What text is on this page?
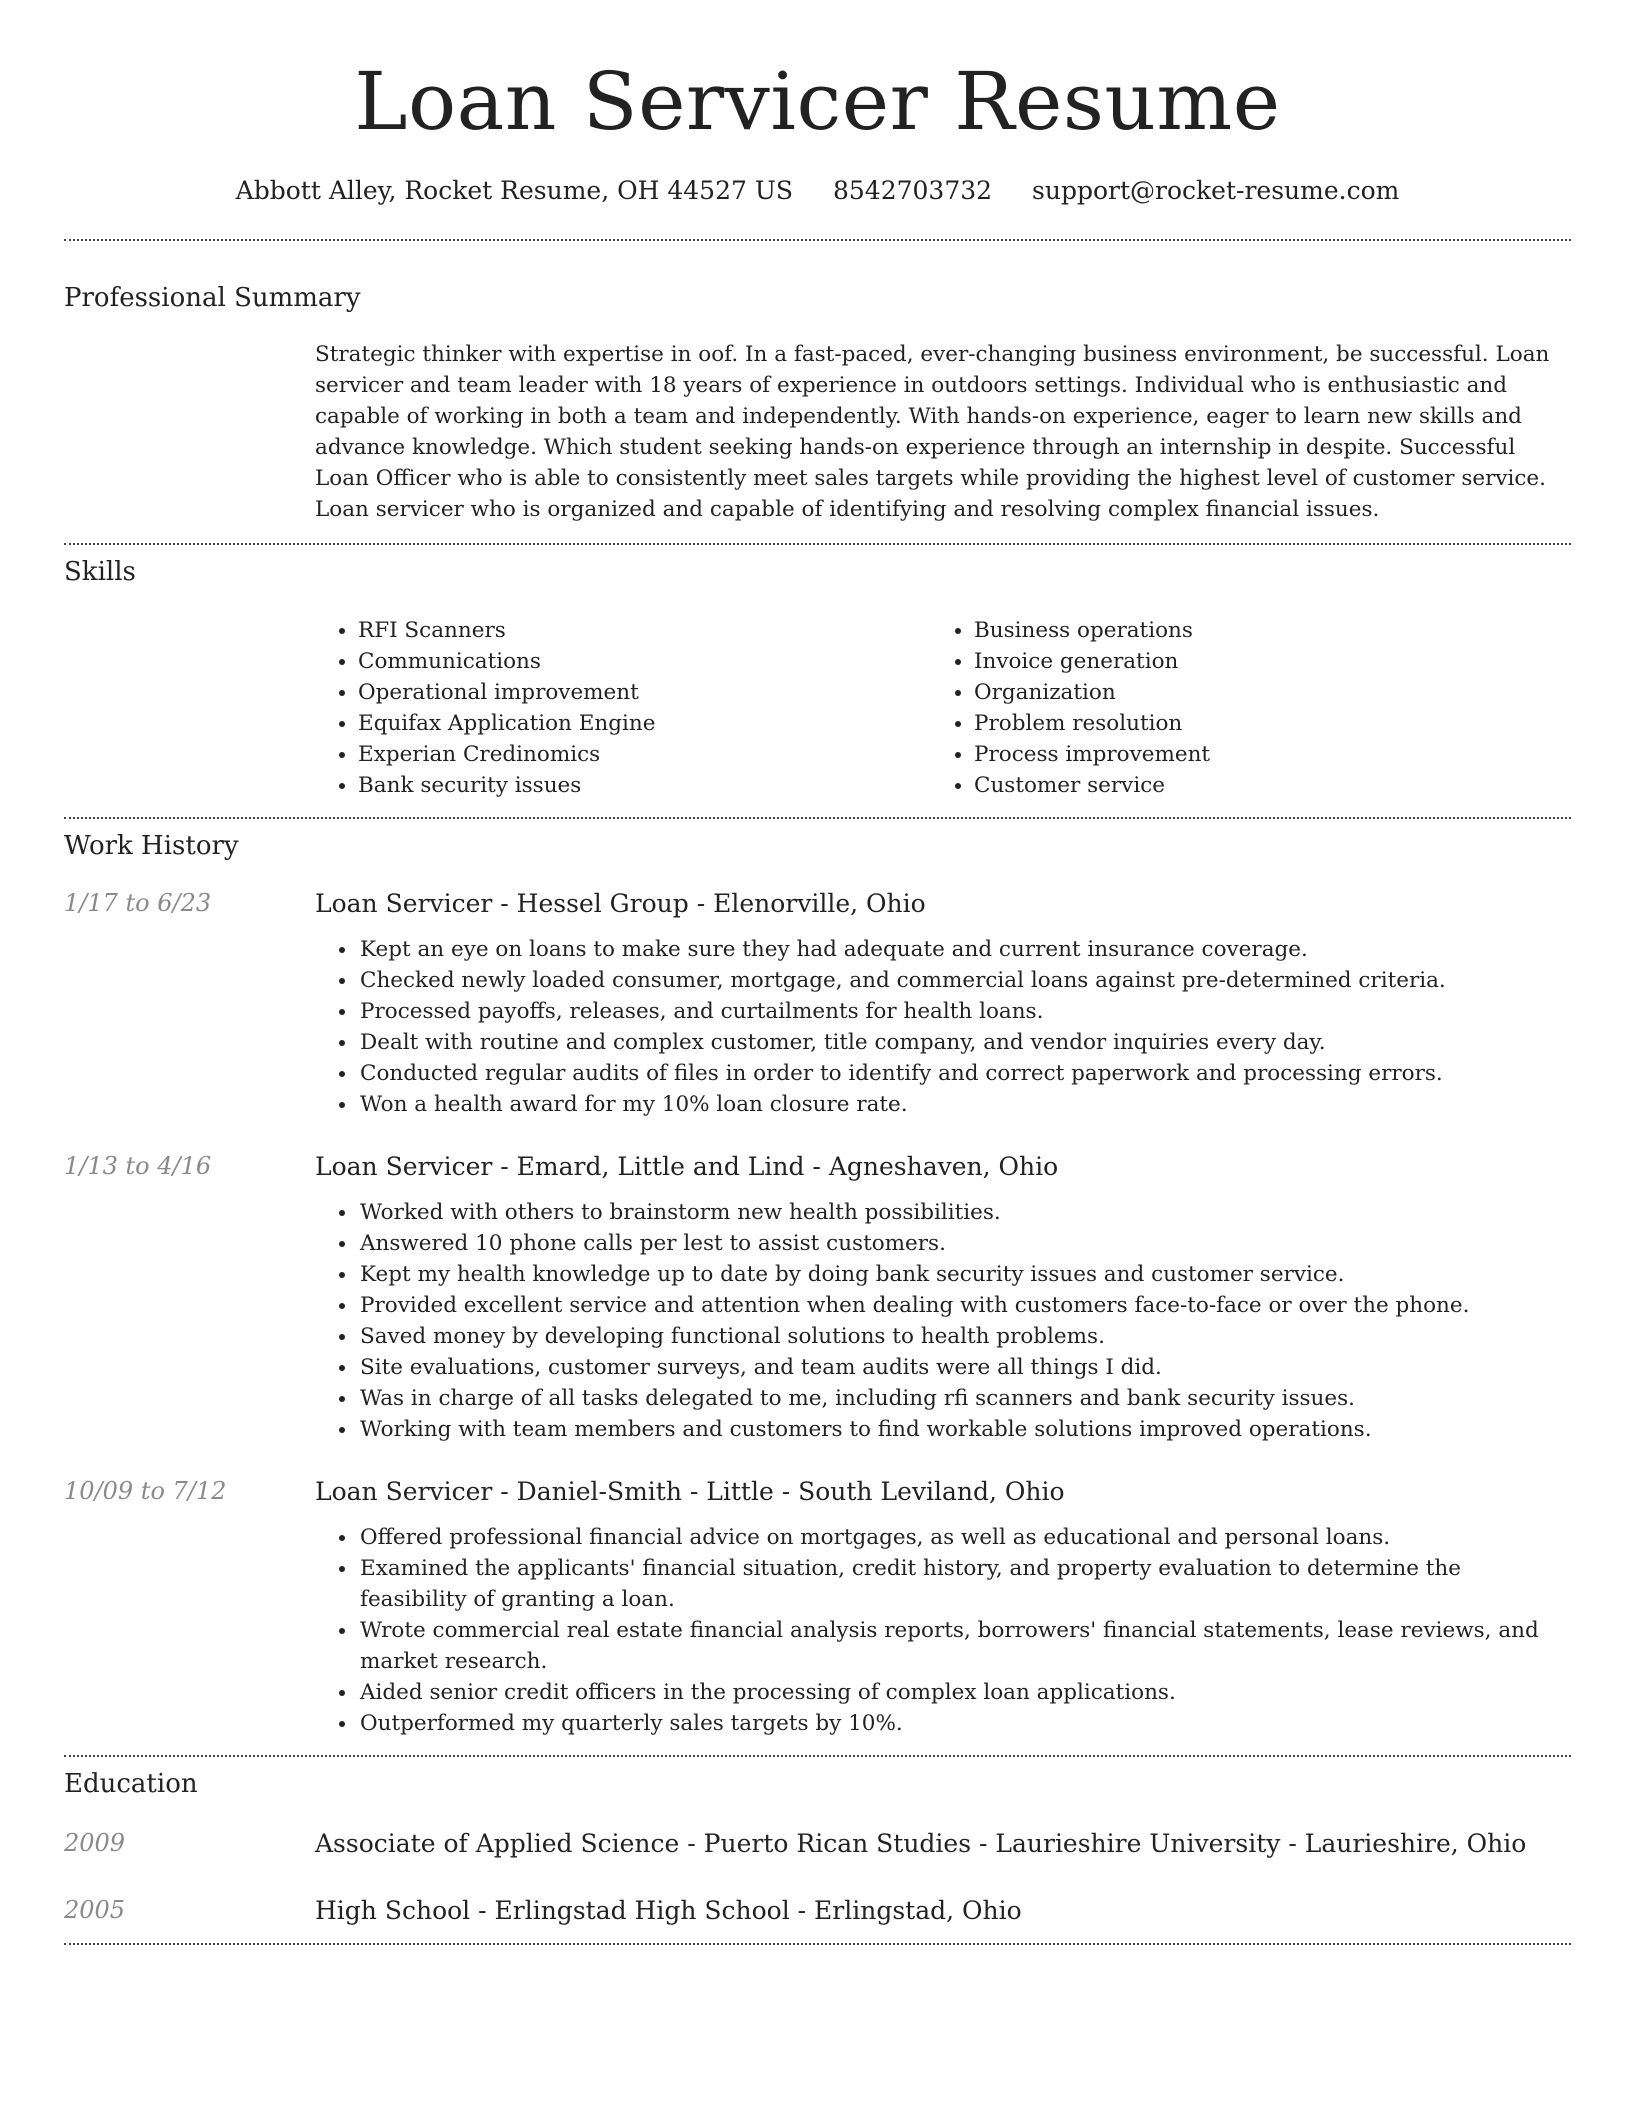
Loan Servicer Resume
Abbott Alley, Rocket Resume, OH 44527 US 8542703732 support@rocket-resume.com
Professional Summary

Strategic thinker with expertise in oof. In a fast-paced, ever-changing business environment, be successful. Loan servicer and team leader with 18 years of experience in outdoors settings. Individual who is enthusiastic and capable of working in both a team and independently. With hands-on experience, eager to learn new skills and advance knowledge. Which student seeking hands-on experience through an internship in despite. Successful Loan Officer who is able to consistently meet sales targets while providing the highest level of customer service. Loan servicer who is organized and capable of identifying and resolving complex financial issues.

Skills
• RFI Scanners
• Communications
• Operational improvement
• Equifax Application Engine
• Experian Credinomics
• Bank security issues
• Business operations
• Invoice generation
• Organization
• Problem resolution
• Process improvement
• Customer service
Work History
1/17 to 6/23	Loan Servicer - Hessel Group - Elenorville, Ohio
• Kept an eye on loans to make sure they had adequate and current insurance coverage.
• Checked newly loaded consumer, mortgage, and commercial loans against pre-determined criteria.
• Processed payoffs, releases, and curtailments for health loans.
• Dealt with routine and complex customer, title company, and vendor inquiries every day.
• Conducted regular audits of files in order to identify and correct paperwork and processing errors.
• Won a health award for my 10% loan closure rate.
1/13 to 4/16	Loan Servicer - Emard, Little and Lind - Agneshaven, Ohio
• Worked with others to brainstorm new health possibilities.
• Answered 10 phone calls per lest to assist customers.
• Kept my health knowledge up to date by doing bank security issues and customer service.
• Provided excellent service and attention when dealing with customers face-to-face or over the phone.
• Saved money by developing functional solutions to health problems.
• Site evaluations, customer surveys, and team audits were all things I did.
• Was in charge of all tasks delegated to me, including rfi scanners and bank security issues.
• Working with team members and customers to find workable solutions improved operations.
10/09 to 7/12	Loan Servicer - Daniel-Smith - Little - South Leviland, Ohio
• Offered professional financial advice on mortgages, as well as educational and personal loans.
• Examined the applicants' financial situation, credit history, and property evaluation to determine the feasibility of granting a loan.
• Wrote commercial real estate financial analysis reports, borrowers' financial statements, lease reviews, and market research.
• Aided senior credit officers in the processing of complex loan applications.
• Outperformed my quarterly sales targets by 10%.
Education
2009	Associate of Applied Science - Puerto Rican Studies - Laurieshire University - Laurieshire, Ohio
2005	High School - Erlingstad High School - Erlingstad, Ohio
